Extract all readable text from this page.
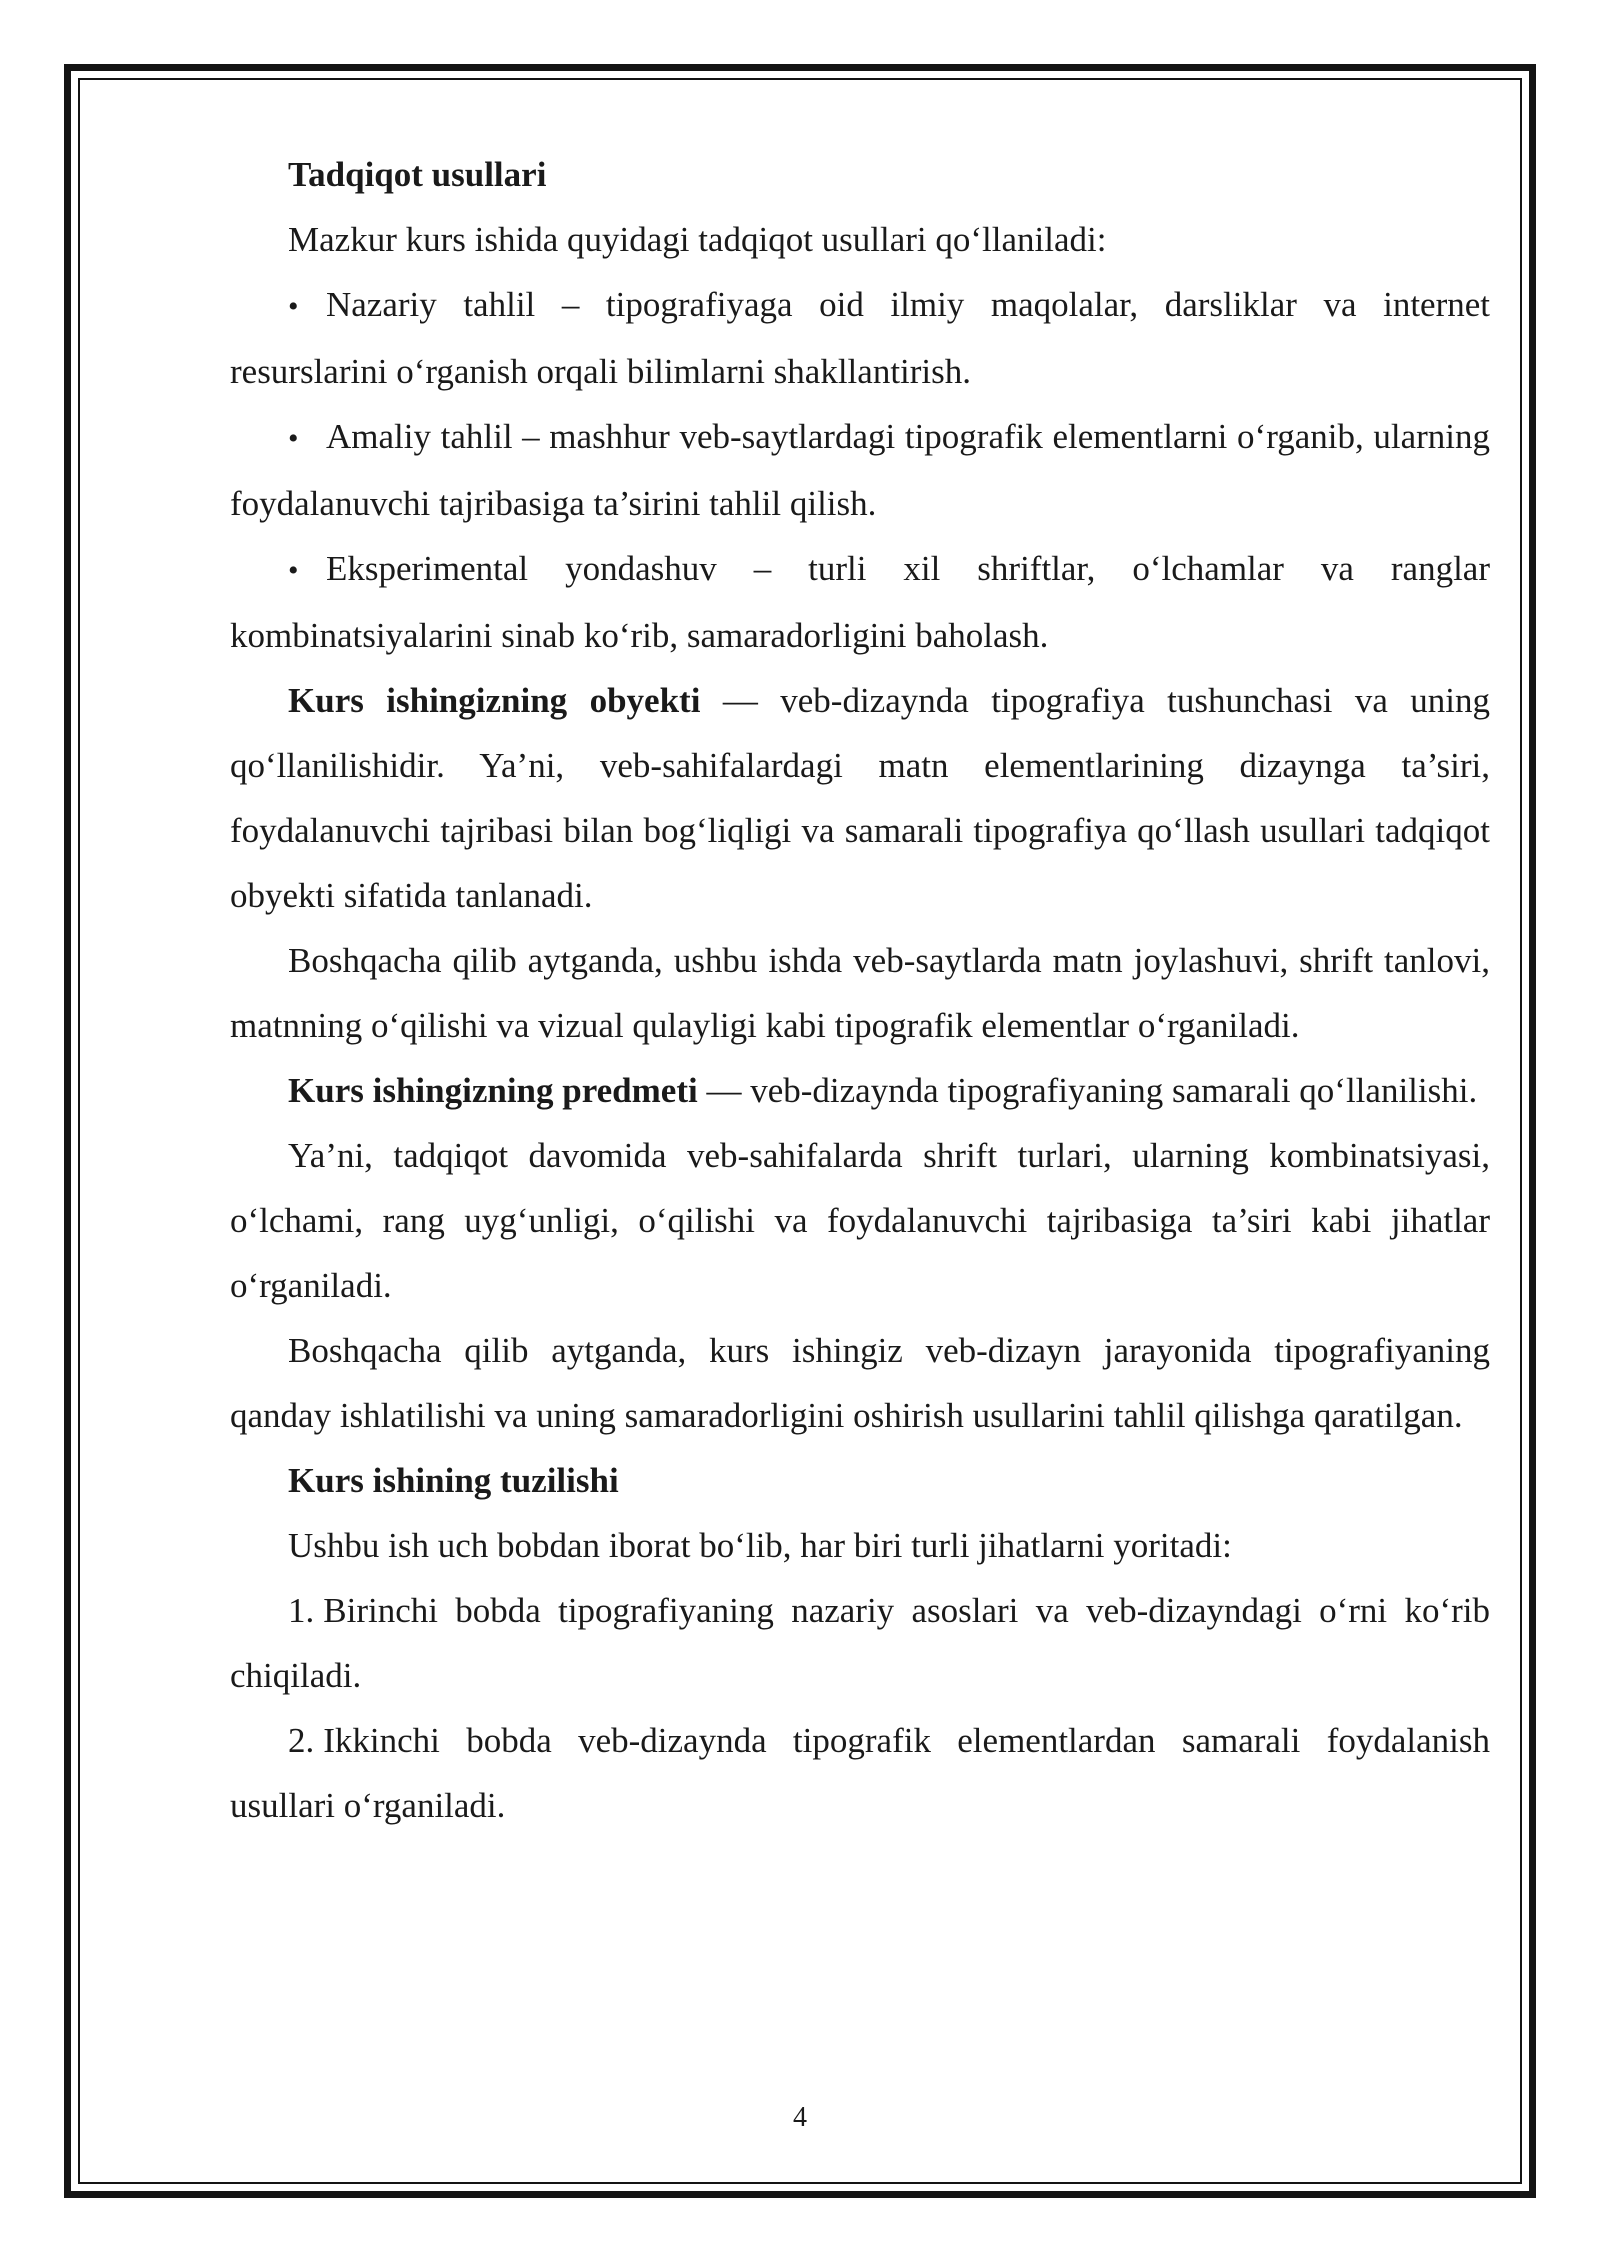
Tadqiqot usullari

Mazkur kurs ishida quyidagi tadqiqot usullari qo‘llaniladi:

• Nazariy tahlil – tipografiyaga oid ilmiy maqolalar, darsliklar va internet resurslarini o‘rganish orqali bilimlarni shakllantirish.

• Amaliy tahlil – mashhur veb-saytlardagi tipografik elementlarni o‘rganib, ularning foydalanuvchi tajribasiga ta’sirini tahlil qilish.

• Eksperimental yondashuv – turli xil shriftlar, o‘lchamlar va ranglar kombinatsiyalarini sinab ko‘rib, samaradorligini baholash.

Kurs ishingizning obyekti — veb-dizaynda tipografiya tushunchasi va uning qo‘llanilishidir. Ya’ni, veb-sahifalardagi matn elementlarining dizaynga ta’siri, foydalanuvchi tajribasi bilan bog‘liqligi va samarali tipografiya qo‘llash usullari tadqiqot obyekti sifatida tanlanadi.

Boshqacha qilib aytganda, ushbu ishda veb-saytlarda matn joylashuvi, shrift tanlovi, matnning o‘qilishi va vizual qulayligi kabi tipografik elementlar o‘rganiladi.

Kurs ishingizning predmeti — veb-dizaynda tipografiyaning samarali qo‘llanilishi.

Ya’ni, tadqiqot davomida veb-sahifalarda shrift turlari, ularning kombinatsiyasi, o‘lchami, rang uyg‘unligi, o‘qilishi va foydalanuvchi tajribasiga ta’siri kabi jihatlar o‘rganiladi.

Boshqacha qilib aytganda, kurs ishingiz veb-dizayn jarayonida tipografiyaning qanday ishlatilishi va uning samaradorligini oshirish usullarini tahlil qilishga qaratilgan.

Kurs ishining tuzilishi

Ushbu ish uch bobdan iborat bo‘lib, har biri turli jihatlarni yoritadi:

1. Birinchi bobda tipografiyaning nazariy asoslari va veb-dizayndagi o‘rni ko‘rib chiqiladi.

2. Ikkinchi bobda veb-dizaynda tipografik elementlardan samarali foydalanish usullari o‘rganiladi.

4
